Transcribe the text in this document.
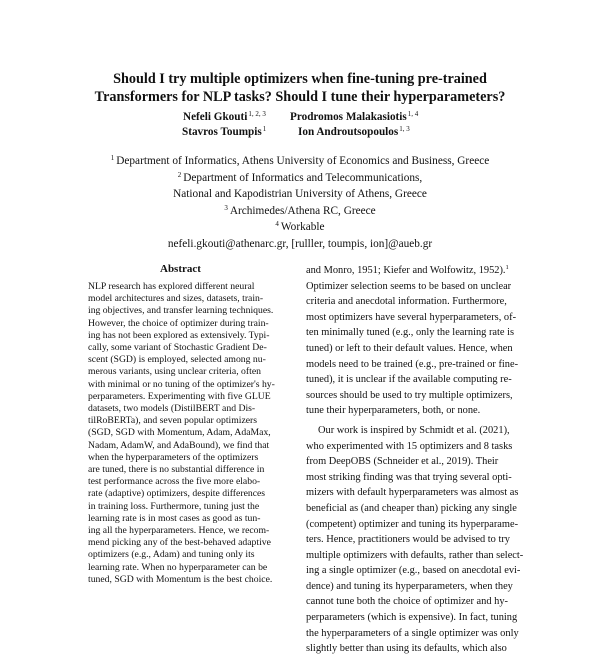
Should I try multiple optimizers when fine-tuning pre-trained
Transformers for NLP tasks? Should I tune their hyperparameters?
Nefeli Gkouti$^{1, 2, 3}$ Prodromos Malakasiotis$^{1, 4}$
Stavros Toumpis$^1$	Ion Androutsopoulos$^{1, 3}$
$^1$ Department of Informatics, Athens University of Economics and Business, Greece
$^2$ Department of Informatics and Telecommunications,
National and Kapodistrian University of Athens, Greece
$^3$ Archimedes/Athena RC, Greece
$^4$ Workable
nefeli.gkouti@athenarc.gr, [rulller, toumpis, ion]@aueb.gr
Abstract
NLP research has explored different neural
model architectures and sizes, datasets, train-
ing objectives, and transfer learning techniques.
However, the choice of optimizer during train-
ing has not been explored as extensively. Typi-
cally, some variant of Stochastic Gradient De-
scent (SGD) is employed, selected among nu-
merous variants, using unclear criteria, often
with minimal or no tuning of the optimizer's hy-
perparameters. Experimenting with five GLUE
datasets, two models (DistilBERT and Dis-
tilRoBERTa), and seven popular optimizers
(SGD, SGD with Momentum, Adam, AdaMax,
Nadam, AdamW, and AdaBound), we find that
when the hyperparameters of the optimizers
are tuned, there is no substantial difference in
test performance across the five more elabo-
rate (adaptive) optimizers, despite differences
in training loss. Furthermore, tuning just the
learning rate is in most cases as good as tun-
ing all the hyperparameters. Hence, we recom-
mend picking any of the best-behaved adaptive
optimizers (e.g., Adam) and tuning only its
learning rate. When no hyperparameter can be
tuned, SGD with Momentum is the best choice.
and Monro, 1951; Kiefer and Wolfowitz, 1952).$^1$
Optimizer selection seems to be based on unclear
criteria and anecdotal information. Furthermore,
most optimizers have several hyperparameters, of-
ten minimally tuned (e.g., only the learning rate is
tuned) or left to their default values. Hence, when
models need to be trained (e.g., pre-trained or fine-
tuned), it is unclear if the available computing re-
sources should be used to try multiple optimizers,
tune their hyperparameters, both, or none.
Our work is inspired by Schmidt et al. (2021),
who experimented with 15 optimizers and 8 tasks
from DeepOBS (Schneider et al., 2019). Their
most striking finding was that trying several opti-
mizers with default hyperparameters was almost as
beneficial as (and cheaper than) picking any single
(competent) optimizer and tuning its hyperparame-
ters. Hence, practitioners would be advised to try
multiple optimizers with defaults, rather than select-
ing a single optimizer (e.g., based on anecdotal evi-
dence) and tuning its hyperparameters, when they
cannot tune both the choice of optimizer and hy-
perparameters (which is expensive). In fact, tuning
the hyperparameters of a single optimizer was only
slightly better than using its defaults, which also
